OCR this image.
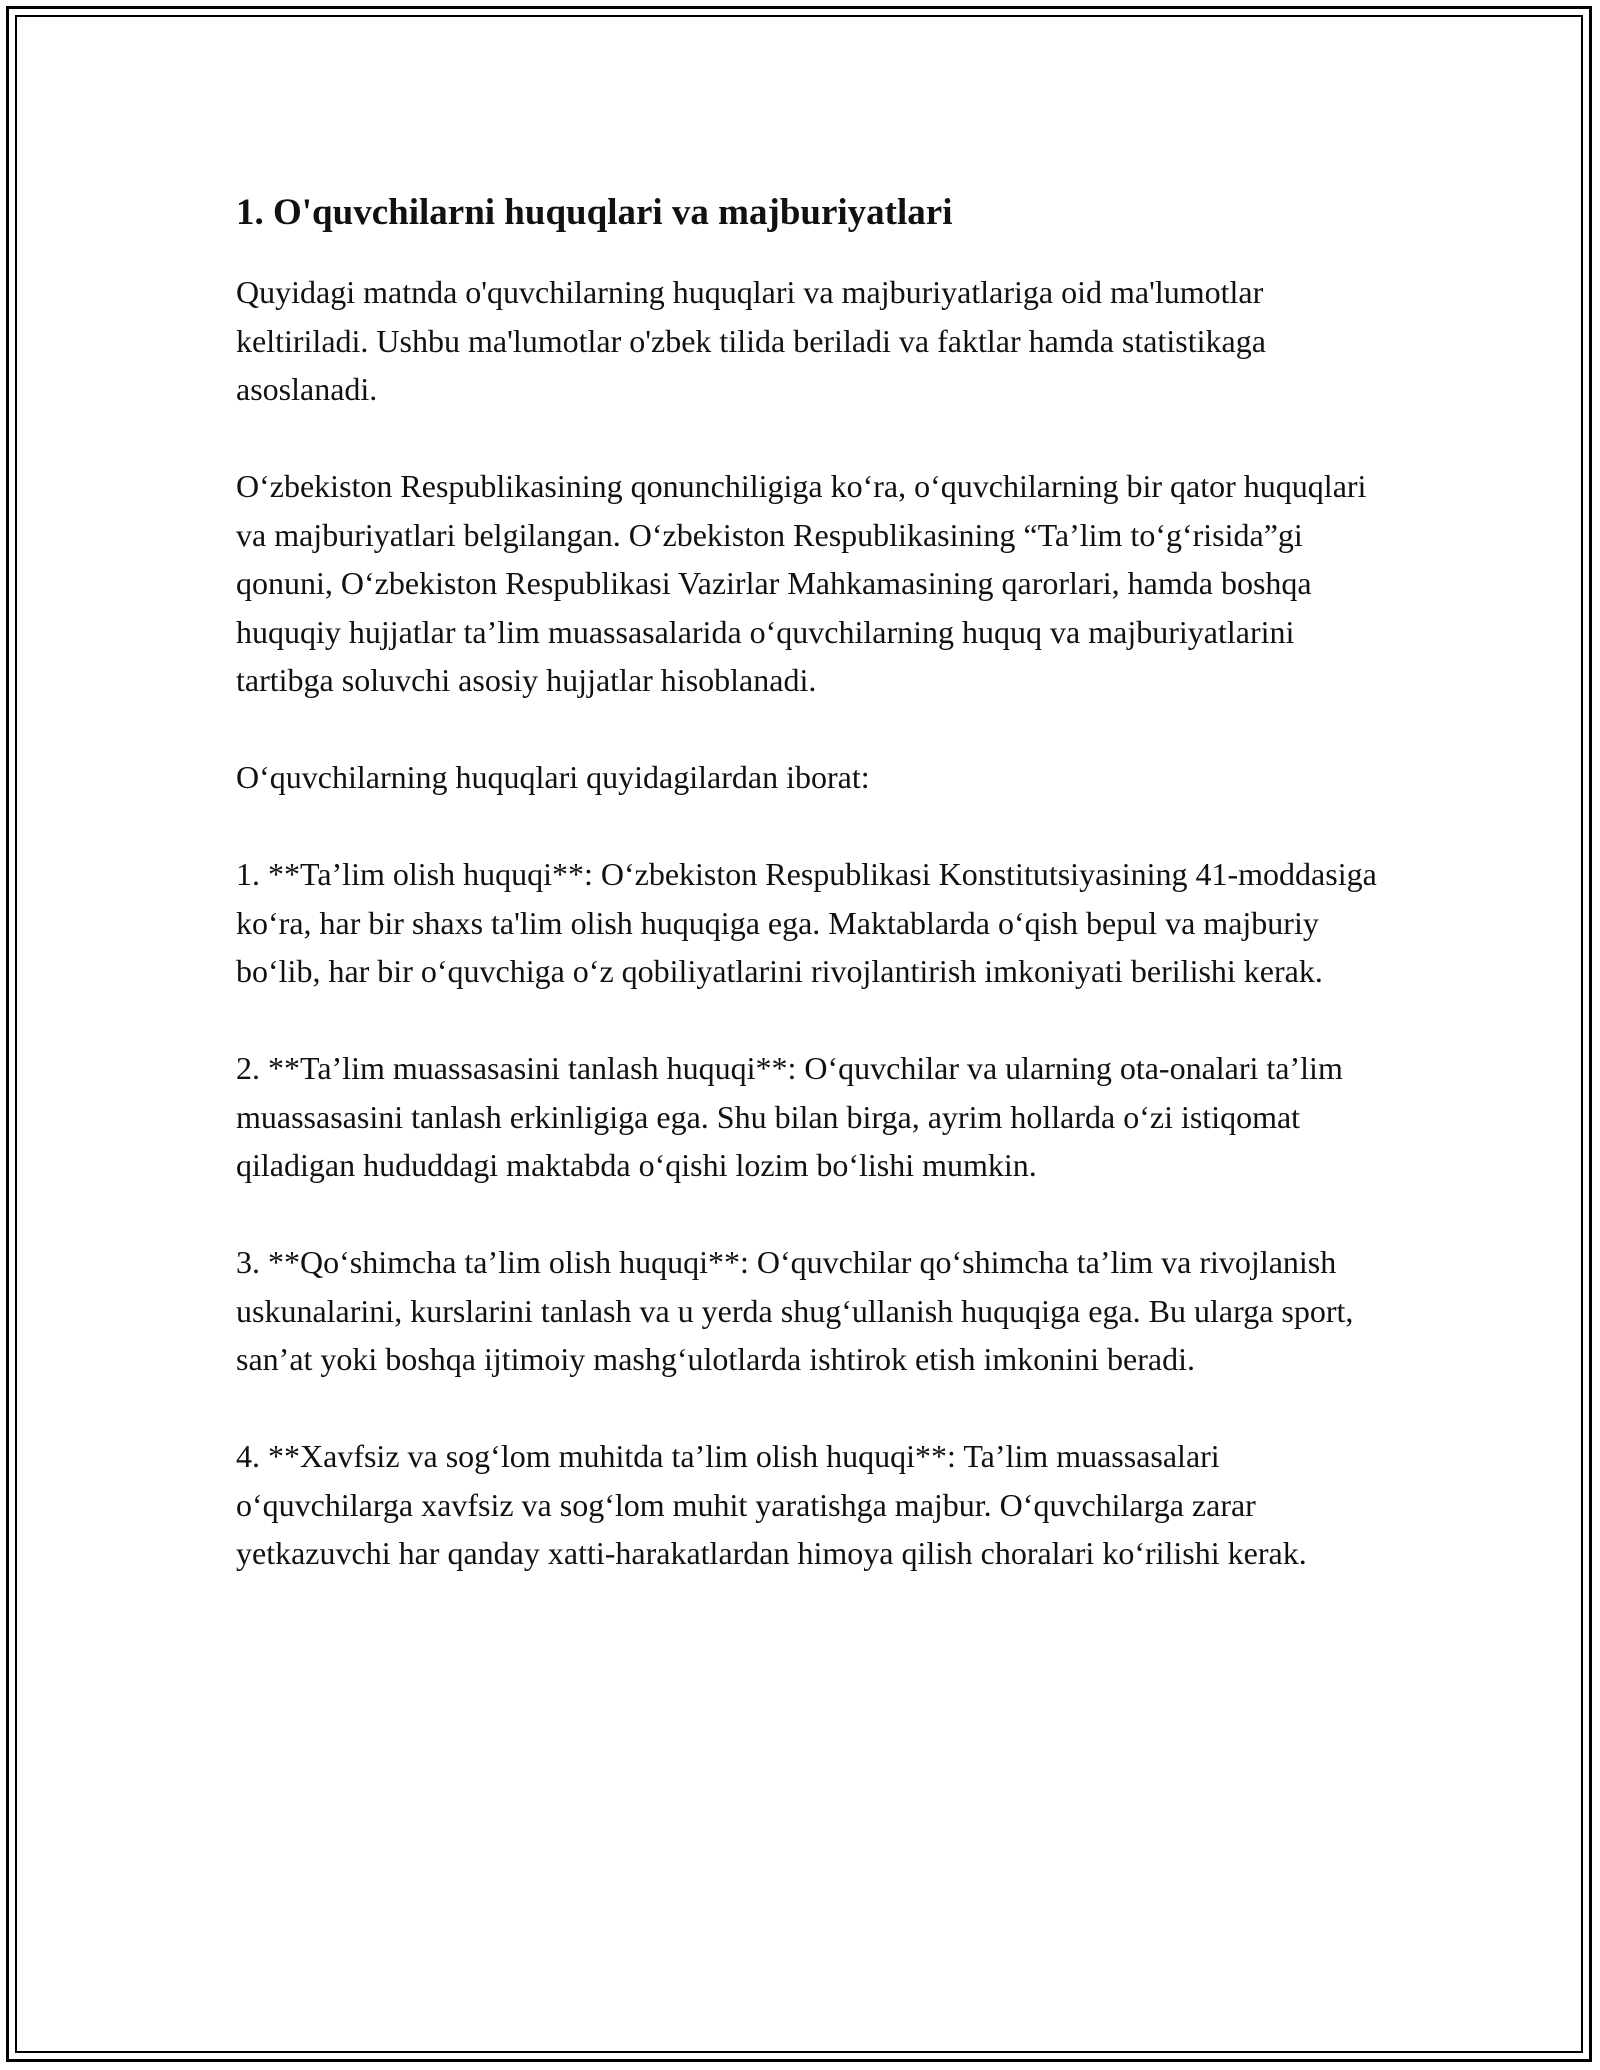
1. O'quvchilarni huquqlari va majburiyatlari

Quyidagi matnda o'quvchilarning huquqlari va majburiyatlariga oid ma'lumotlar keltiriladi. Ushbu ma'lumotlar o'zbek tilida beriladi va faktlar hamda statistikaga asoslanadi.

O‘zbekiston Respublikasining qonunchiligiga ko‘ra, o‘quvchilarning bir qator huquqlari va majburiyatlari belgilangan. O‘zbekiston Respublikasining “Ta’lim to‘g‘risida”gi qonuni, O‘zbekiston Respublikasi Vazirlar Mahkamasining qarorlari, hamda boshqa huquqiy hujjatlar ta’lim muassasalarida o‘quvchilarning huquq va majburiyatlarini tartibga soluvchi asosiy hujjatlar hisoblanadi.

O‘quvchilarning huquqlari quyidagilardan iborat:

1. **Ta’lim olish huquqi**: O‘zbekiston Respublikasi Konstitutsiyasining 41-moddasiga ko‘ra, har bir shaxs ta'lim olish huquqiga ega. Maktablarda o‘qish bepul va majburiy bo‘lib, har bir o‘quvchiga o‘z qobiliyatlarini rivojlantirish imkoniyati berilishi kerak.

2. **Ta’lim muassasasini tanlash huquqi**: O‘quvchilar va ularning ota-onalari ta’lim muassasasini tanlash erkinligiga ega. Shu bilan birga, ayrim hollarda o‘zi istiqomat qiladigan hududdagi maktabda o‘qishi lozim bo‘lishi mumkin.

3. **Qo‘shimcha ta’lim olish huquqi**: O‘quvchilar qo‘shimcha ta’lim va rivojlanish uskunalarini, kurslarini tanlash va u yerda shug‘ullanish huquqiga ega. Bu ularga sport, san’at yoki boshqa ijtimoiy mashg‘ulotlarda ishtirok etish imkonini beradi.

4. **Xavfsiz va sog‘lom muhitda ta’lim olish huquqi**: Ta’lim muassasalari o‘quvchilarga xavfsiz va sog‘lom muhit yaratishga majbur. O‘quvchilarga zarar yetkazuvchi har qanday xatti-harakatlardan himoya qilish choralari ko‘rilishi kerak.
